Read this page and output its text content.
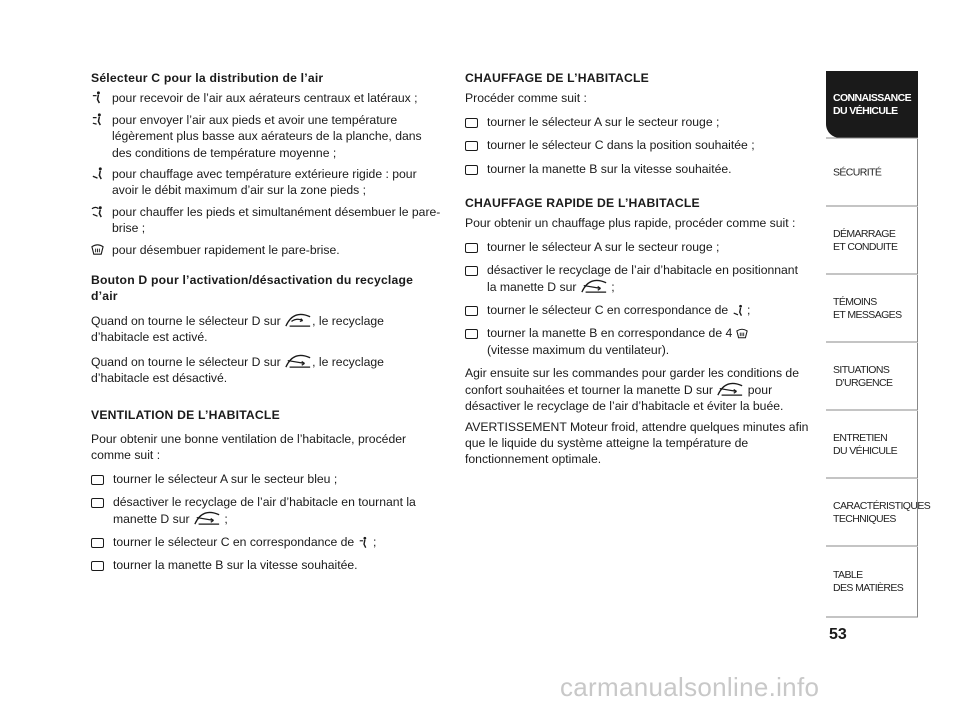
Sélecteur C pour la distribution de l’air
pour recevoir de l’air aux aérateurs centraux et latéraux ;
pour envoyer l’air aux pieds et avoir une température légèrement plus basse aux aérateurs de la planche, dans des conditions de température moyenne ;
pour chauffage avec température extérieure rigide : pour avoir le débit maximum d’air sur la zone pieds ;
pour chauffer les pieds et simultanément désembuer le pare-brise ;
pour désembuer rapidement le pare-brise.
Bouton D pour l’activation/désactivation du recyclage d’air

Quand on tourne le sélecteur D sur	, le recyclage d’habitacle est activé.

Quand on tourne le sélecteur D sur	, le recyclage d’habitacle est désactivé.

VENTILATION DE L’HABITACLE

Pour obtenir une bonne ventilation de l’habitacle, procéder comme suit :

tourner le sélecteur A sur le secteur bleu ;
désactiver le recyclage de l’air d’habitacle en tournant la manette D sur	;
tourner le sélecteur C en correspondance de  ;
tourner la manette B sur la vitesse souhaitée.
CHAUFFAGE DE L’HABITACLE

Procéder comme suit :

tourner le sélecteur A sur le secteur rouge ;
tourner le sélecteur C dans la position souhaitée ;
tourner la manette B sur la vitesse souhaitée.
CHAUFFAGE RAPIDE DE L’HABITACLE

Pour obtenir un chauffage plus rapide, procéder comme suit :

tourner le sélecteur A sur le secteur rouge ;
désactiver le recyclage de l’air d’habitacle en positionnant la manette D sur	;
tourner le sélecteur C en correspondance de  ;
tourner la manette B en correspondance de 4
(vitesse maximum du ventilateur).

Agir ensuite sur les commandes pour garder les conditions de confort souhaitées et tourner la manette D sur	pour désactiver le recyclage de l’air d’habitacle et éviter la buée.

AVERTISSEMENT Moteur froid, attendre quelques minutes afin que le liquide du système atteigne la température de fonctionnement optimale.

CONNAISSANCE
DU VÉHICULE
SÉCURITÉ
DÉMARRAGE
ET CONDUITE
TÉMOINS
ET MESSAGES
SITUATIONS
D’URGENCE
ENTRETIEN
DU VÉHICULE
CARACTÉRISTIQUES
TECHNIQUES
TABLE
DES MATIÈRES
53
carmanualsonline.info
